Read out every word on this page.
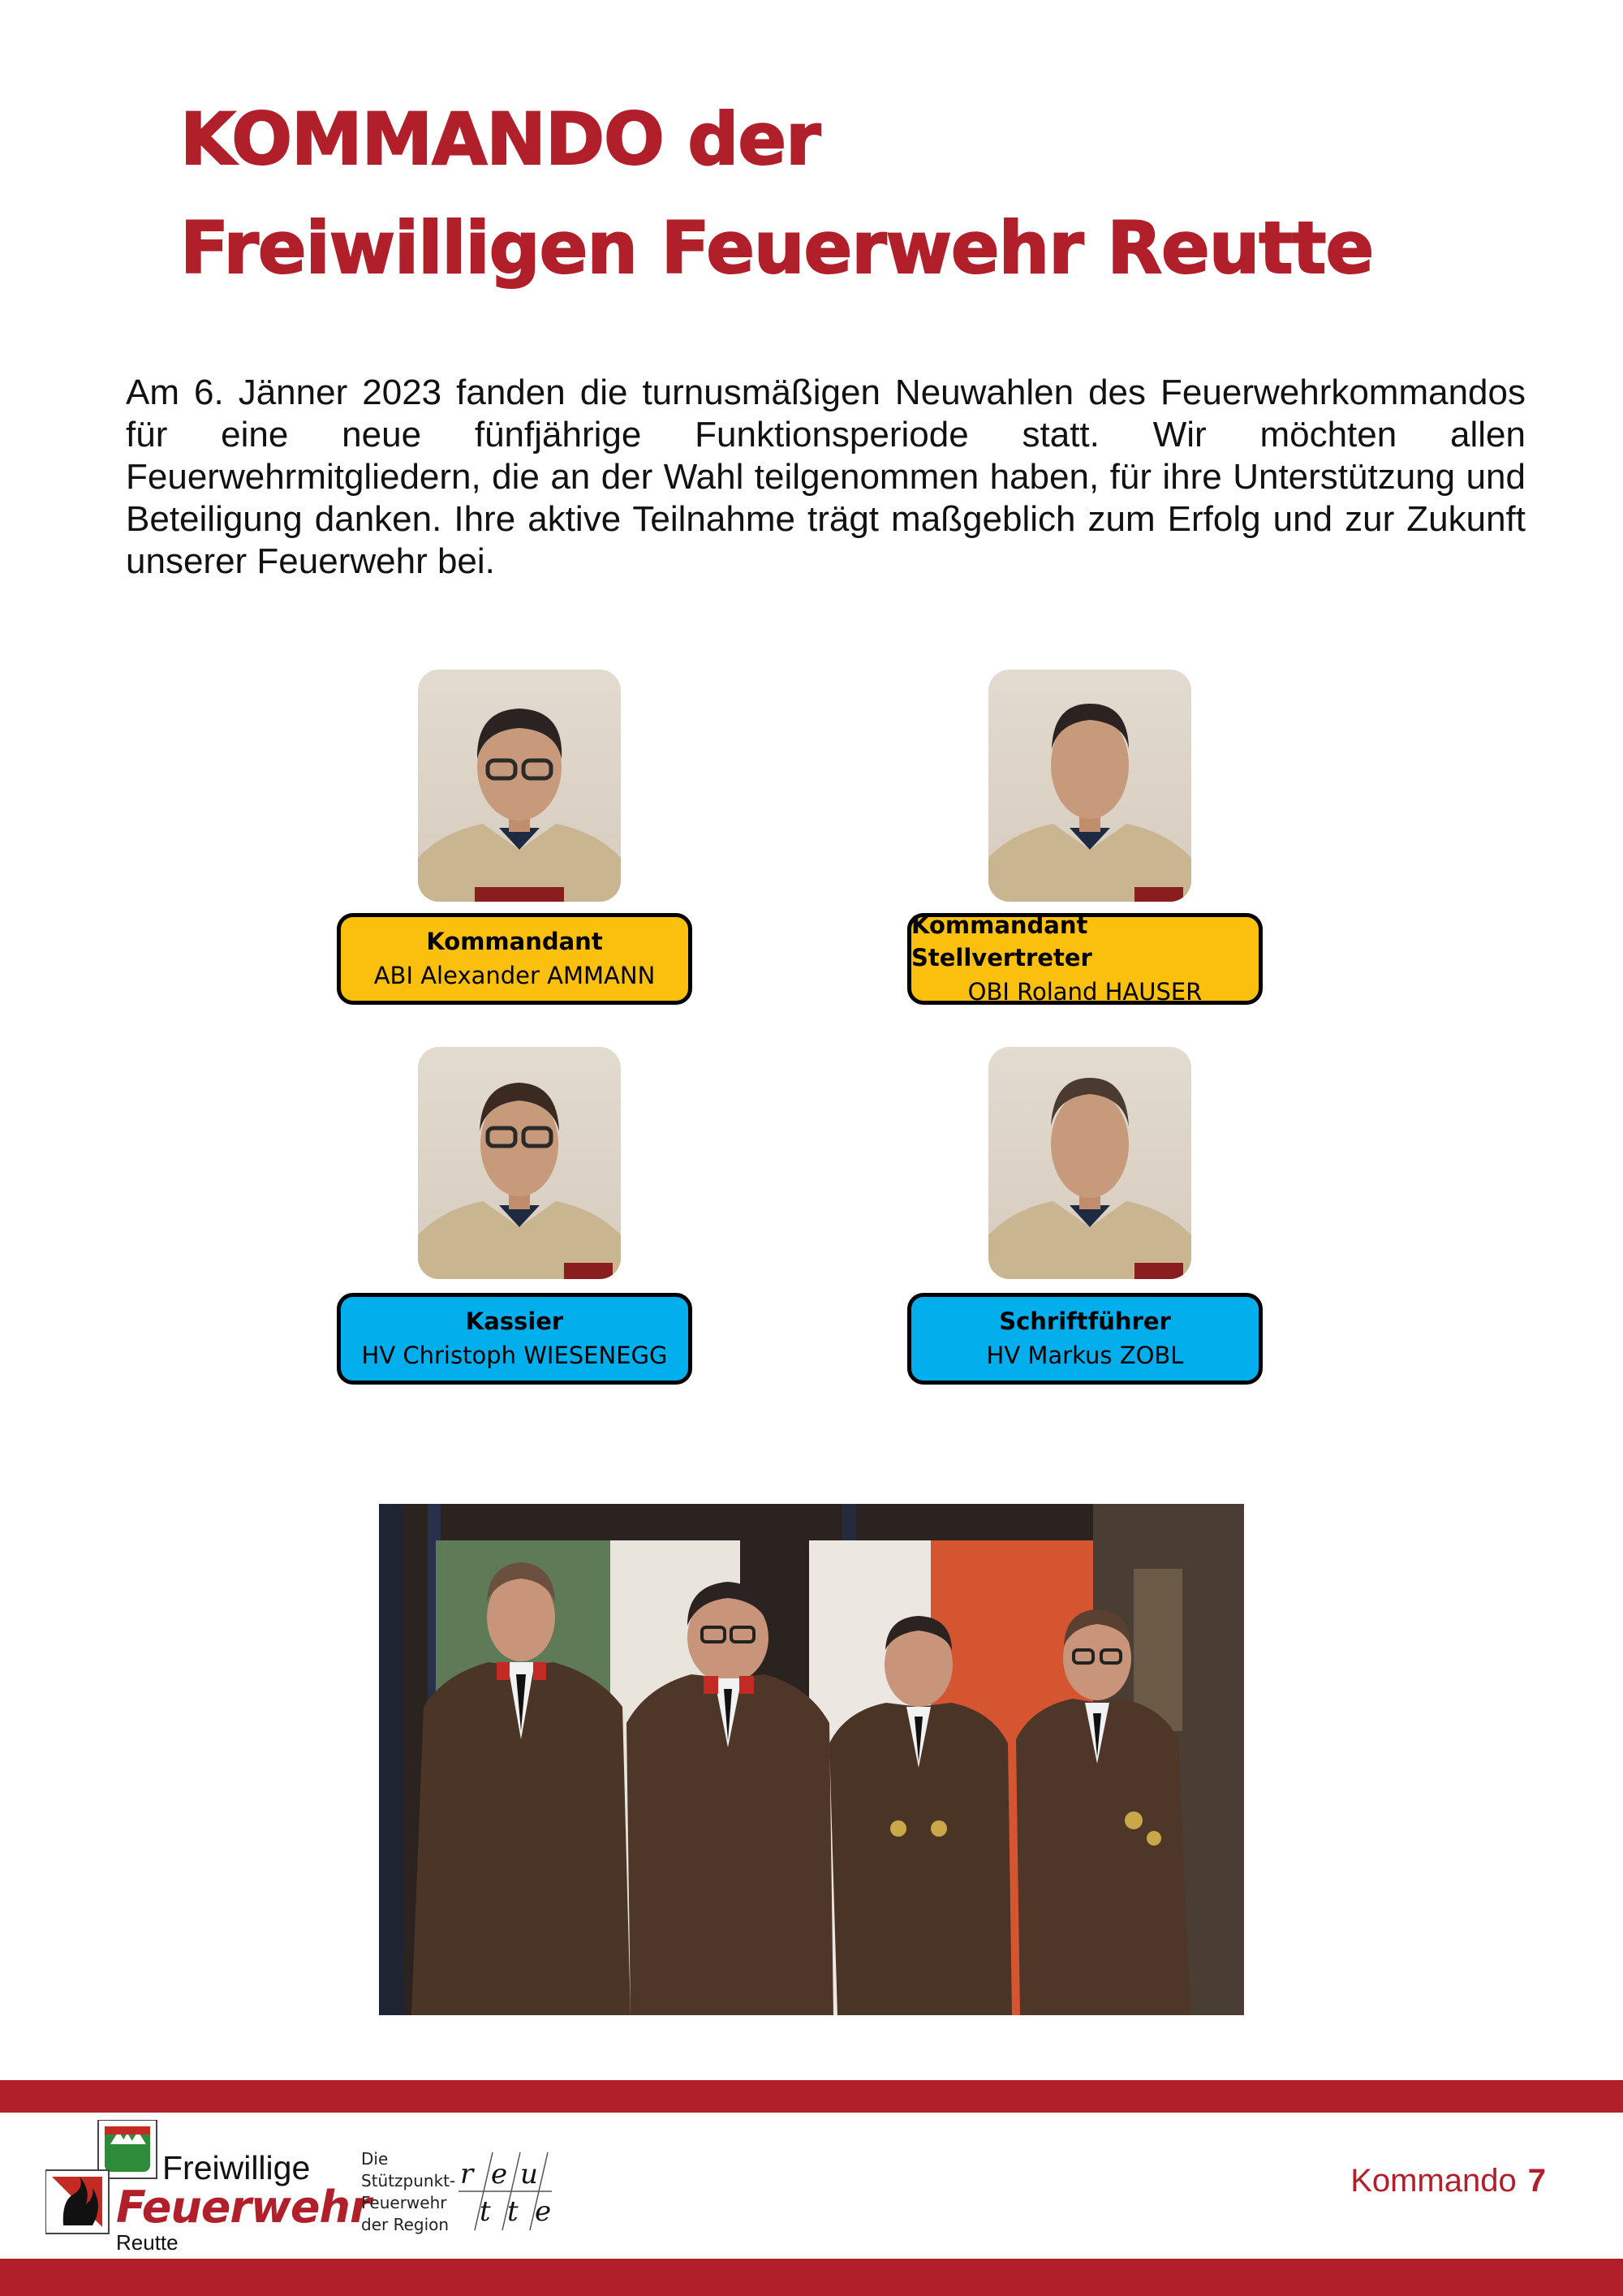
KOMMANDO der
Freiwilligen Feuerwehr Reutte

Am 6. Jänner 2023 fanden die turnusmäßigen Neuwahlen des Feuerwehrkommandos für eine neue fünfjährige Funktionsperiode statt. Wir möchten allen Feuerwehrmitgliedern, die an der Wahl teilgenommen haben, für ihre Unterstützung und Beteiligung danken. Ihre aktive Teilnahme trägt maßgeblich zum Erfolg und zur Zukunft unserer Feuerwehr bei.

Kommandant
ABI Alexander AMMANN
Kommandant Stellvertreter
OBI Roland HAUSER
Kassier
HV Christoph WIESENEGG
Schriftführer
HV Markus ZOBL
Freiwillige
Feuerwehr
Reutte
Die
Stützpunkt-
Feuerwehr
der Region
r e u
t t e
Kommando 7
